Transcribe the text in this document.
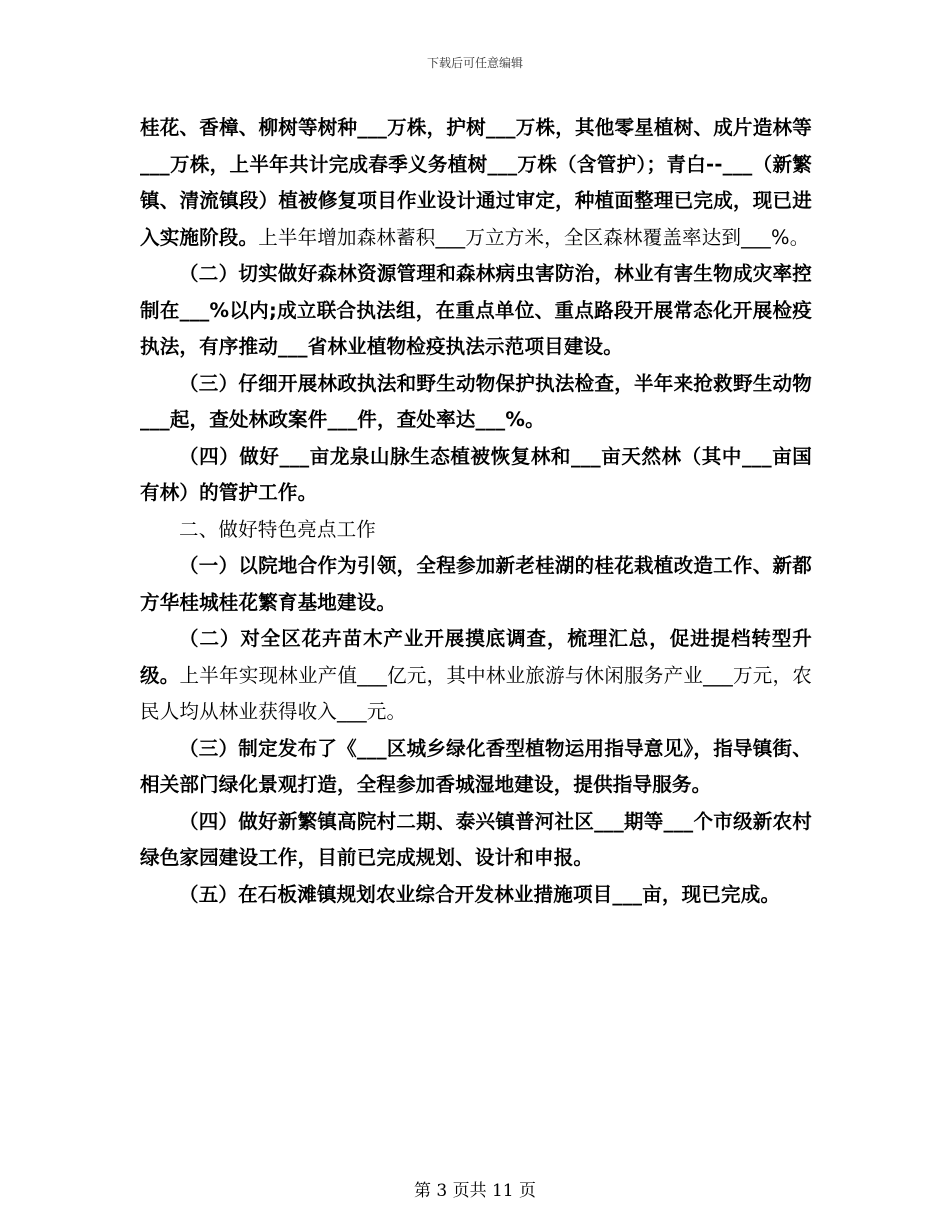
下载后可任意编辑

桂花、香樟、柳树等树种___万株，护树___万株，其他零星植树、成片造林等___万株，上半年共计完成春季义务植树___万株（含管护）；青白--___（新繁镇、清流镇段）植被修复项目作业设计通过审定，种植面整理已完成，现已进入实施阶段。上半年增加森林蓄积___万立方米，全区森林覆盖率达到___%。

（二）切实做好森林资源管理和森林病虫害防治，林业有害生物成灾率控制在___%以内;成立联合执法组，在重点单位、重点路段开展常态化开展检疫执法，有序推动___省林业植物检疫执法示范项目建设。

（三）仔细开展林政执法和野生动物保护执法检查，半年来抢救野生动物___起，查处林政案件___件，查处率达___%。

（四）做好___亩龙泉山脉生态植被恢复林和___亩天然林（其中___亩国有林）的管护工作。

二、做好特色亮点工作

（一）以院地合作为引领，全程参加新老桂湖的桂花栽植改造工作、新都方华桂城桂花繁育基地建设。

（二）对全区花卉苗木产业开展摸底调查，梳理汇总，促进提档转型升级。上半年实现林业产值___亿元，其中林业旅游与休闲服务产业___万元，农民人均从林业获得收入___元。

（三）制定发布了《___区城乡绿化香型植物运用指导意见》，指导镇街、相关部门绿化景观打造，全程参加香城湿地建设，提供指导服务。

（四）做好新繁镇高院村二期、泰兴镇普河社区___期等___个市级新农村绿色家园建设工作，目前已完成规划、设计和申报。

（五）在石板滩镇规划农业综合开发林业措施项目___亩，现已完成。

第 3 页共 11 页
